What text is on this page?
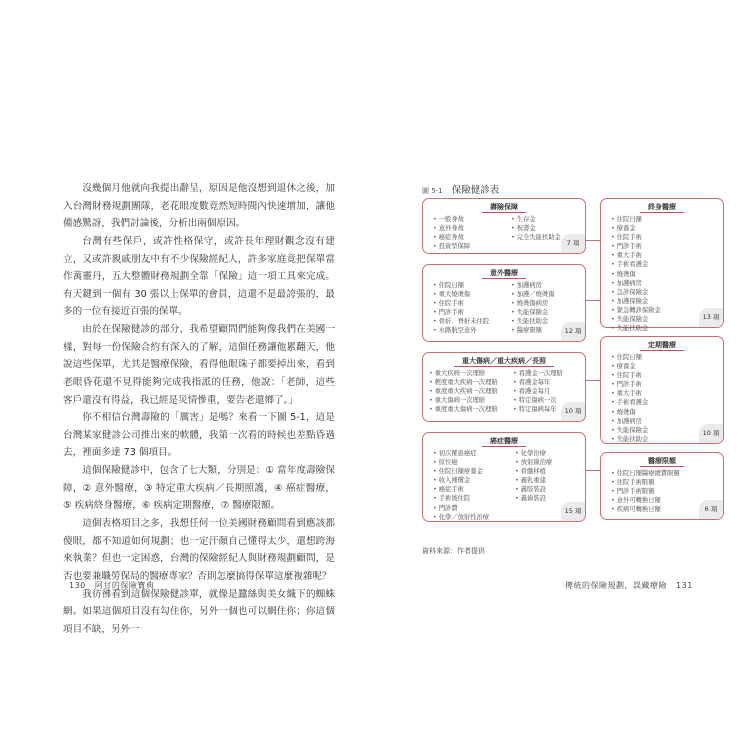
沒幾個月他就向我提出辭呈，原因是他沒想到退休之後，加入台灣財務規劃團隊，老花眼度數竟然短時間內快速增加，讓他備感驚訝，我們討論後，分析出兩個原因。

台灣有些保戶，或許性格保守，或許長年理財觀念沒有建立，又或許親戚朋友中有不少保險經紀人，許多家庭竟把保單當作萬靈丹，五大整體財務規劃全靠「保險」這一項工具來完成。有天鍵到一個有 30 張以上保單的會員，這還不是最誇張的，最多的一位有接近百張的保單。

由於在保險健診的部分，我希望顧問們能夠像我們在美國一樣，對每一份保險合約有深入的了解，這個任務讓他累翻天，他說這些保單，尤其是醫療保險，看得他眼珠子都要掉出來，看到老眼昏花還不見得能夠完成我指派的任務，他說：「老師，這些客戶還沒有得益，我已經是災情慘重，要告老還鄉了。」

你不相信台灣壽險的「厲害」是嗎？來看一下圖 5-1，這是台灣某家健診公司推出來的軟體，我第一次看的時候也差點昏過去，裡面多達 73 個項目。

這個保險健診中，包含了七大類，分別是：① 當年度壽險保障，② 意外醫療，③ 特定重大疾病／長期照護，④ 癌症醫療，⑤ 疾病終身醫療，⑥ 疾病定期醫療，⑦ 醫療限額。

這個表格項目之多，我想任何一位美國財務顧問看到應該都傻眼，都不知道如何規劃；也一定汗顏自己懂得太少，還想跨海來執業？但也一定困惑，台灣的保險經紀人與財務規劃顧問，是否也要兼職勞保局的醫療專家？否則怎麼搞得保單這麼複雜呢？

我彷彿看到這個保險健診單，就像是蠶絲與美女織下的蜘蛛網。如果這個項目沒有勾住你，另外一個也可以網住你；你這個項目不缺，另外一

130 阿甘的保險寶典
圖 5-1 保險健診表
壽險保障
• 一般身故
• 意外身故
• 癌症身故
• 投資型保障
• 生存金
• 祝壽金
• 完全失能扶助金
7 項
意外醫療
• 住院日額
• 重大燒燙傷
• 住院手術
• 門診手術
• 骨折．脊折未住院
• 水路航空意外
• 加護病房
• 加護／燒燙傷
• 燒燙傷病房
• 失能保險金
• 失能扶助金
• 醫療限額	12 項
重大傷病／重大疾病／長照
• 重大疾病一次理賠
• 輕度重大疾病一次理賠
• 重度重大疾病一次理賠
• 重大傷病一次理賠
• 重度重大傷病一次理賠
• 看護金一次理賠
• 看護金每年
• 看護金每月
• 特定傷病一次
• 特定傷病每年	10 項
癌症醫療
• 初次罹患癌症
• 原位癌
• 住院日額療養金
• 收入補償金
• 癌症手術
• 手術後住院
• 門診費
• 化學／放射性治療
• 化學治療
• 放射線治療
• 骨髓移植
• 義乳重建
• 義肢裝設
• 義齒裝設
15 項
終身醫療
• 住院日額
• 療養金
• 住院手術
• 門診手術
• 重大手術
• 手術看護金
• 燒燙傷
• 加護病房
• 急診保險金
• 加護保險金
• 緊急轉診保險金
• 失能保險金
• 失能扶助金
13 項
定期醫療
• 住院日額
• 療養金
• 住院手術
• 門診手術
• 重大手術
• 手術看護金
• 燒燙傷
• 加護病房
• 失能保險金
• 失能扶助金
10 項
醫療限額
• 住院日額醫療總費限額
• 住院手術限額
• 門診手術限額
• 意外可轉換日額
• 疾病可轉換日額	6 項
資料來源：作者提供
傳統的保險規劃，誤藏療險 131
